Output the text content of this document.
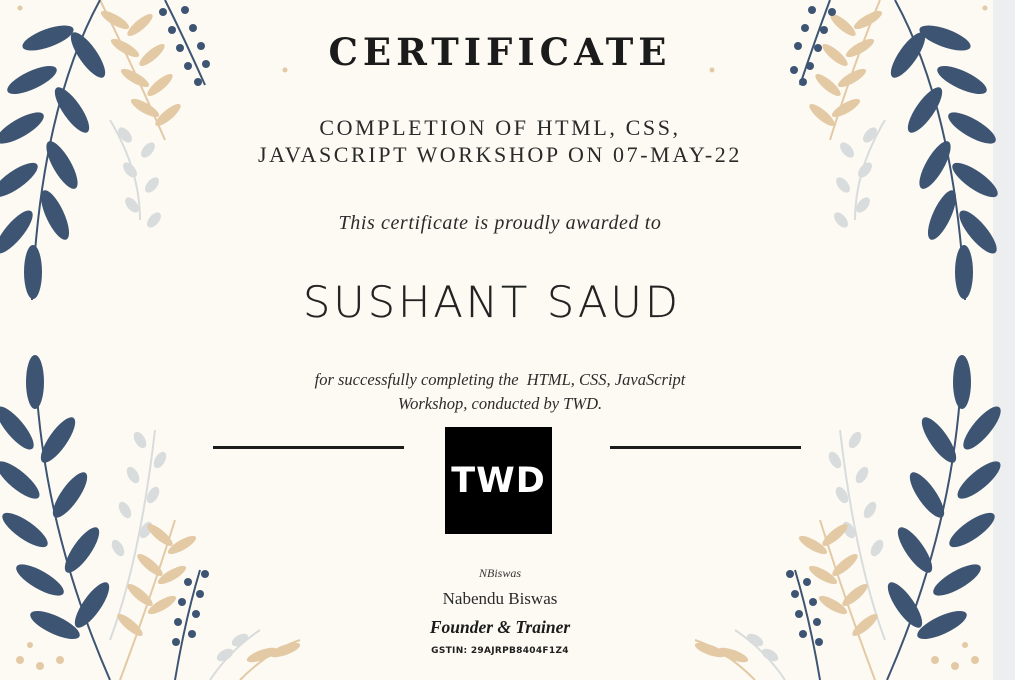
CERTIFICATE
COMPLETION OF HTML, CSS,
JAVASCRIPT WORKSHOP ON 07-MAY-22
This certificate is proudly awarded to
SUSHANT SAUD
for successfully completing the  HTML, CSS, JavaScript
Workshop, conducted by TWD.
TWD
NBiswas
Nabendu Biswas
Founder & Trainer
GSTIN: 29AJRPB8404F1Z4
